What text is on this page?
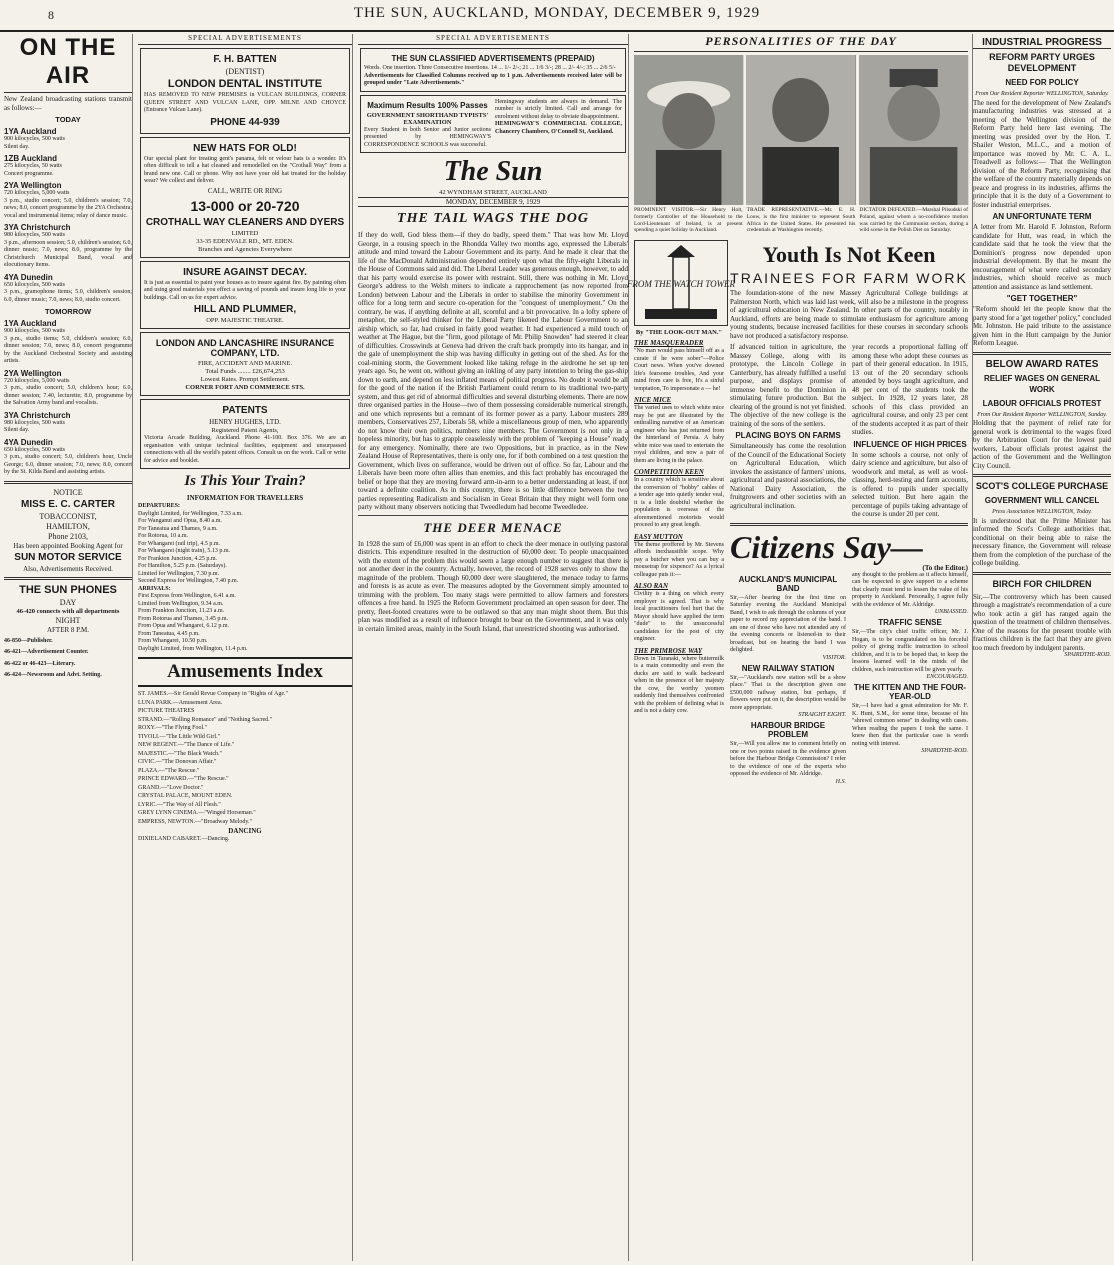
8	THE SUN, AUCKLAND, MONDAY, DECEMBER 9, 1929
ON THE AIR
New Zealand broadcasting stations transmit as follows:—
TODAY
1YA Auckland
900 kilocycles, 500 watts
Silent day.
1ZB Auckland
275 kilocycles, 50 watts
Concert programme.
2YA Wellington
720 kilocycles, 5,000 watts
3 p.m., studio concert; 5.0, children's session; 7.0, news; 8.0, concert programme by the 2YA Orchestra; vocal and instrumental items; relay of dance music.
3YA Christchurch
980 kilocycles, 500 watts
3 p.m., afternoon session; 5.0, children's session; 6.0, dinner music; 7.0, news; 8.0, programme by the Christchurch Municipal Band, vocal and elocutionary items.
4YA Dunedin
650 kilocycles, 500 watts
3 p.m., gramophone items; 5.0, children's session; 6.0, dinner music; 7.0, news; 8.0, studio concert.
TOMORROW
1YA Auckland
900 kilocycles, 500 watts
3 p.m., studio items; 5.0, children's session; 6.0, dinner session; 7.0, news; 8.0, concert programme by the Auckland Orchestral Society and assisting artists.
2YA Wellington
720 kilocycles, 5,000 watts
3 p.m., studio concert; 5.0, children's hour; 6.0, dinner session; 7.40, lecturette; 8.0, programme by the Salvation Army band and vocalists.
3YA Christchurch
980 kilocycles, 500 watts
Silent day.
4YA Dunedin
650 kilocycles, 500 watts
3 p.m., studio concert; 5.0, children's hour, Uncle George; 6.0, dinner session; 7.0, news; 8.0, concert by the St. Kilda Band and assisting artists.
NOTICE
MISS E. C. CARTER
TOBACCONIST,
HAMILTON,
Phone 2103,
Has been appointed Booking Agent for
SUN MOTOR SERVICE
Also, Advertisements Received.
THE SUN PHONES
DAY
46-420 connects with all departments
NIGHT
AFTER 8 P.M.
46-850—Publisher.
46-421—Advertisement Counter.
46-422 or 46-423—Literary.
46-424—Newsroom and Advt. Setting.
SPECIAL ADVERTISEMENTS
F. H. BATTEN
(DENTIST)
LONDON DENTAL INSTITUTE
HAS REMOVED TO NEW PREMISES in VULCAN BUILDINGS, CORNER QUEEN STREET AND VULCAN LANE, OPP. MILNE AND CHOYCE (Entrance Vulcan Lane).
PHONE 44-939
NEW HATS FOR OLD!
Our special plant for treating gent's panama, felt or velour hats is a wonder. It's often difficult to tell a hat cleaned and remodelled on the "Crothall Way" from a brand new one. Call or phone. Why not have your old hat treated for the holiday wear? We collect and deliver.
CALL, WRITE OR RING
13-000 or 20-720
CROTHALL WAY CLEANERS AND DYERS
LIMITED
33-35 EDENVALE RD., MT. EDEN.
Branches and Agencies Everywhere
INSURE AGAINST DECAY.
It is just as essential to paint your houses as to insure against fire. By painting often and using good materials you effect a saving of pounds and insure long life to your buildings. Call on us for expert advice.
HILL AND PLUMMER,
OPP. MAJESTIC THEATRE.
LONDON AND LANCASHIRE INSURANCE COMPANY, LTD.
FIRE, ACCIDENT AND MARINE.
Total Funds ........ £26,674,253
Lowest Rates. Prompt Settlement.
CORNER FORT AND COMMERCE STS.
PATENTS
HENRY HUGHES, LTD.
Registered Patent Agents,
Victoria Arcade Building, Auckland. Phone 41-100. Box 376. We are an organisation with unique technical facilities, equipment and unsurpassed connections with all the world's patent offices. Consult us on the work. Call or write for advice and booklet.
Is This Your Train?
INFORMATION FOR TRAVELLERS
DEPARTURES:
Daylight Limited, for Wellington, 7.33 a.m.
For Wanganui and Opua, 8.40 a.m.
For Taneatua and Thames, 9 a.m.
For Rotorua, 10 a.m.
For Whangarei (rail trip), 4.5 p.m.
For Whangarei (night train), 5.13 p.m.
For Frankton Junction, 4.25 p.m.
For Hamilton, 5.25 p.m. (Saturdays).
Limited for Wellington, 7.30 p.m.
Second Express for Wellington, 7.40 p.m.
ARRIVALS:
First Express from Wellington, 6.41 a.m.
Limited from Wellington, 9.34 a.m.
From Frankton Junction, 11.23 a.m.
From Rotorua and Thames, 3.45 p.m.
From Opua and Whangarei, 6.12 p.m.
From Taneatua, 4.45 p.m.
From Whangarei, 10.50 p.m.
Daylight Limited, from Wellington, 11.4 p.m.
Amusements Index
ST. JAMES.—Sir Gerald Revue Company in "Rights of Age."
LUNA PARK.—Amusement Area.
PICTURE THEATRES
STRAND.—"Rolling Romance" and "Nothing Sacred."
ROXY.—"The Flying Fool."
TIVOLI.—"The Little Wild Girl."
NEW REGENT.—"The Dance of Life."
MAJESTIC.—"The Black Watch."
CIVIC.—"The Donovan Affair."
PLAZA.—"The Rescue."
PRINCE EDWARD.—"The Rescue."
GRAND.—"Love Doctor."
CRYSTAL PALACE, MOUNT EDEN.
LYRIC.—"The Way of All Flesh."
GREY LYNN CINEMA.—"Winged Horseman."
EMPRESS, NEWTON.—"Broadway Melody."
DANCING
DIXIELAND CABARET.—Dancing.
SPECIAL ADVERTISEMENTS
THE SUN CLASSIFIED ADVERTISEMENTS (PREPAID)
Words. One insertion. Three Consecutive insertions. 14 ... 1/- 2/-; 21 ... 1/6 3/-; 28 ... 2/- 4/-; 35 ... 2/6 5/-
Advertisements for Classified Columns received up to 1 p.m. Advertisements received later will be grouped under "Late Advertisements."
Maximum Results 100% Passes
GOVERNMENT SHORTHAND TYPISTS' EXAMINATION
Every Student in both Senior and Junior sections presented by HEMINGWAY'S CORRESPONDENCE SCHOOLS was successful.
Hemingway students are always in demand. The number is strictly limited. Call and arrange for enrolment without delay to obviate disappointment.
HEMINGWAY'S COMMERCIAL COLLEGE, Chancery Chambers, O'Connell St, Auckland.
The Sun
42 WYNDHAM STREET, AUCKLAND
MONDAY, DECEMBER 9, 1929
THE TAIL WAGS THE DOG
If they do well, God bless them—if they do badly, speed them." That was how Mr. Lloyd George, in a rousing speech in the Rhondda Valley two months ago, expressed the Liberals' attitude and mind toward the Labour Government and its party. And he made it clear that the life of the MacDonald Administration depended entirely upon what the fifty-eight Liberals in the House of Commons said and did. The Liberal Leader was generous enough, however, to add that his party would exercise its power with restraint. Still, there was nothing in Mr. Lloyd George's address to the Welsh miners to indicate a rapprochement (as now reported from London) between Labour and the Liberals in order to stabilise the minority Government in office for a long term and secure co-operation for the "conquest of unemployment." On the contrary, he was, if anything definite at all, scornful and a bit provocative. In a lofty sphere of metaphor, the self-styled thinker for the Liberal Party likened the Labour Government to an airship which, so far, had cruised in fairly good weather. It had experienced a mild touch of weather at The Hague, but the "firm, good pilotage of Mr. Philip Snowden" had steered it clear of difficulties. Crosswinds at Geneva had driven the craft back promptly into its hangar, and in the gale of unemployment the ship was having difficulty in getting out of the shed. As for the coal-mining storm, the Government looked like taking refuge in the airdrome he set up ten years ago. So, he went on, without giving an inkling of any party intention to bring the gas-ship down to earth, and depend on less inflated means of political progress. No doubt it would be all for the good of the nation if the British Parliament could return to its traditional two-party system, and thus get rid of abnormal difficulties and several disturbing elements. There are now three organised parties in the House—two of them possessing considerable numerical strength, and one which represents but a remnant of its former power as a party. Labour musters 289 members, Conservatives 257, Liberals 58, while a miscellaneous group of men, who apparently do not know their own politics, numbers nine members. The Government is not only in a hopeless minority, but has to grapple ceaselessly with the problem of "keeping a House" ready for any emergency. Nominally, there are two Oppositions, but in practice, as in the New Zealand House of Representatives, there is only one, for if both combined on a test question the Government, which lives on sufferance, would be driven out of office. So far, Labour and the Liberals have been more often allies than enemies, and this fact probably has encouraged the belief or hope that they are moving forward arm-in-arm to a better understanding at least, if not toward a definite coalition. As in this country, there is so little difference between the two parties representing Radicalism and Socialism in Great Britain that they might well form one party without many observers noticing that Tweedledum had become Tweedledee.
THE DEER MENACE
In 1928 the sum of £6,000 was spent in an effort to check the deer menace in outlying pastoral districts. This expenditure resulted in the destruction of 60,000 deer. To people unacquainted with the extent of the problem this would seem a large enough number to suggest that there is not another deer in the country. Actually, however, the record of 1928 serves only to show the magnitude of the problem. Though 60,000 deer were slaughtered, the menace today to farms and forests is as acute as ever. The measures adopted by the Government simply amounted to trimming with the problem. Too many stags were permitted to allow farmers and foresters offences a free hand. In 1925 the Reform Government proclaimed an open season for deer. The pretty, fleet-footed creatures were to be outlawed so that any man might shoot them. But this plan was modified as a result of influence brought to bear on the Government, and it was only in certain limited areas, mainly in the South Island, that unrestricted shooting was authorised.
PERSONALITIES OF THE DAY
PROMINENT VISITOR.—Sir Henry Holt, formerly Controller of the Household to the Lord-Lieutenant of Ireland, is at present spending a quiet holiday in Auckland.
TRADE REPRESENTATIVE.—Mr. E. H. Louw, is the first minister to represent South Africa in the United States. He presented his credentials at Washington recently.
DICTATOR DEFEATED.—Marshal Pilsudski of Poland, against whom a no-confidence motion was carried by the Communist section, during a wild scene in the Polish Diet on Saturday.
FROM THE WATCH TOWER
By "THE LOOK-OUT MAN."
THE MASQUERADER
"No man would pass himself off as a curate if he were sober"—Police Court news. When you've downed life's fearsome troubles, And your mind from care is free, It's a sinful temptation, To impersonate a — he!
NICE MICE
The varied uses to which white mice may be put are illustrated by the enthralling narrative of an American engineer who has just returned from the hinterland of Persia. A baby white mice was used to entertain the royal children, and now a pair of them are living in the palace.
COMPETITION KEEN
In a country which is sensitive about the conversion of "hobby" cables of a tender age into quietly tender veal, it is a little doubtful whether the population is overseas of the aforementioned motorists would proceed to any great length.
EASY MUTTON
The theme proffered by Mr. Stevens affords inexhaustible scope. Why pay a butcher when you can buy a mousetrap for sixpence? As a lyrical colleague puts it:—
ALSO RAN
Civility is a thing on which every employer is agreed. That is why local practitioners feel hurt that the Mayor should have applied the term "dude" to the unsuccessful candidates for the post of city engineer.
THE PRIMROSE WAY
Down in Taranaki, where buttermilk is a main commodity and even the ducks are said to walk backward when in the presence of her majesty the cow, the worthy yeomen suddenly find themselves confronted with the problem of defining what is and is not a dairy cow.
Youth Is Not Keen
TRAINEES FOR FARM WORK
The foundation-stone of the new Massey Agricultural College buildings at Palmerston North, which was laid last week, will also be a milestone in the progress of agricultural education in New Zealand. In other parts of the country, notably in Auckland, efforts are being made to stimulate enthusiasm for agriculture among young students, because increased facilities for these courses in secondary schools have not produced a satisfactory response.
If advanced tuition in agriculture, the Massey College, along with its prototype, the Lincoln College in Canterbury, has already fulfilled a useful purpose, and displays promise of immense benefit to the Dominion in stimulating future production. But the clearing of the ground is not yet finished. The objective of the new college is the training of the sons of the settlers.
PLACING BOYS ON FARMS
Simultaneously has come the resolution of the Council of the Educational Society on Agricultural Education, which invokes the assistance of farmers' unions, agricultural and pastoral associations, the National Dairy Association, the fruitgrowers and other societies with an agricultural inclination.
year records a proportional falling off among these who adopt these courses as part of their general education. In 1915, 13 out of the 20 secondary schools attended by boys taught agriculture, and 48 per cent of the students took the subject. In 1928, 12 years later, 28 schools of this class provided an agricultural course, and only 23 per cent of the students accepted it as part of their studies.
INFLUENCE OF HIGH PRICES
In some schools a course, not only of dairy science and agriculture, but also of woodwork and metal, as well as wool-classing, herd-testing and farm accounts, is offered to pupils under specially selected tuition. But here again the percentage of pupils taking advantage of the course is under 20 per cent.
Citizens Say—
(To the Editor.)
AUCKLAND'S MUNICIPAL BAND
Sir,—After hearing for the first time on Saturday evening the Auckland Municipal Band, I wish to ask through the columns of your paper to record my appreciation of the band. I am one of those who have not attended any of the evening concerts or listened-in to their broadcast, but on hearing the band I was delighted.
VISITOR.
NEW RAILWAY STATION
Sir,—"Auckland's new station will be a show place." That is the description given one £500,000 railway station, but perhaps, if flowers were put on it, the description would be more appropriate.
STRAIGHT EIGHT.
HARBOUR BRIDGE PROBLEM
Sir,—Will you allow me to comment briefly on one or two points raised in the evidence given before the Harbour Bridge Commission? I refer to the evidence of one of the experts who opposed the evidence of Mr. Aldridge.
H.S.
any thought to the problem as it affects himself, can be expected to give support to a scheme that clearly must tend to lessen the value of his property to Auckland. Personally, I agree fully with the evidence of Mr. Aldridge.
UNBIASSED.
TRAFFIC SENSE
Sir,—The city's chief traffic officer, Mr. J. Hogan, is to be congratulated on his forceful policy of giving traffic instruction to school children, and it is to be hoped that, to keep the lessons learned well in the minds of the children, such instruction will be given yearly.
ENCOURAGED.
THE KITTEN AND THE FOUR-YEAR-OLD
Sir,—I have had a great admiration for Mr. F. K. Hunt, S.M., for some time, because of his "shrewd common sense" in dealing with cases. When reading the papers I took the same. I knew then that the particular case is worth noting with interest.
SPAIRDTHE-ROD.
INDUSTRIAL PROGRESS
REFORM PARTY URGES DEVELOPMENT
NEED FOR POLICY
From Our Resident Reporter WELLINGTON, Saturday.
The need for the development of New Zealand's manufacturing industries was stressed at a meeting of the Wellington division of the Reform Party held here last evening. The meeting was presided over by the Hon. T. Shailer Weston, M.L.C., and a motion of importance was moved by Mr. C. A. L. Treadwell as follows:— That the Wellington division of the Reform Party, recognising that the welfare of the country materially depends on peace and progress in its industries, affirms the principle that it is the duty of a Government to foster industrial enterprises.
AN UNFORTUNATE TERM
A letter from Mr. Harold F. Johnston, Reform candidate for Hutt, was read, in which the candidate said that he took the view that the Dominion's progress now depended upon industrial development. By that he meant the encouragement of what were called secondary industries, which should receive as much attention and assistance as land settlement.
"GET TOGETHER"
"Reform should let the people know that the party stood for a 'get together' policy," concluded Mr. Johnston. He paid tribute to the assistance given him in the Hutt campaign by the Junior Reform League.
BELOW AWARD RATES
RELIEF WAGES ON GENERAL WORK
LABOUR OFFICIALS PROTEST
From Our Resident Reporter WELLINGTON, Sunday.
Holding that the payment of relief rate for general work is detrimental to the wages fixed by the Arbitration Court for the lowest paid workers, Labour officials protest against the action of the Government and the Wellington City Council.
SCOT'S COLLEGE PURCHASE
GOVERNMENT WILL CANCEL
Press Association WELLINGTON, Today.
It is understood that the Prime Minister has informed the Scot's College authorities that, conditional on their being able to raise the necessary finance, the Government will release them from the completion of the purchase of the college building.
BIRCH FOR CHILDREN
Sir,—The controversy which has been caused through a magistrate's recommendation of a cure who took actin a girl has ranged again the question of the treatment of children themselves. One of the reasons for the present trouble with fractious children is the fact that they are given too much freedom by indulgent parents.
SPAIRDTHE-ROD.
